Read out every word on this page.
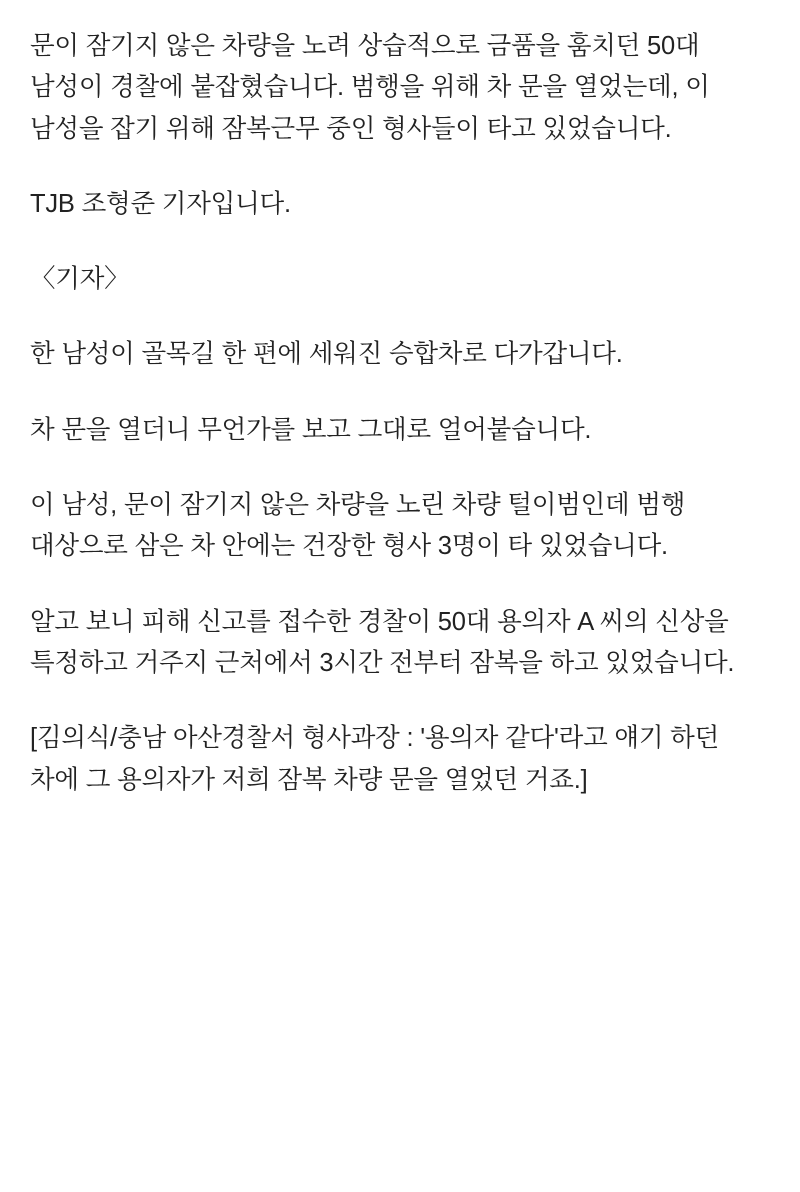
문이 잠기지 않은 차량을 노려 상습적으로 금품을 훔치던 50대 남성이 경찰에 붙잡혔습니다. 범행을 위해 차 문을 열었는데, 이 남성을 잡기 위해 잠복근무 중인 형사들이 타고 있었습니다.

TJB 조형준 기자입니다.

〈기자〉

한 남성이 골목길 한 편에 세워진 승합차로 다가갑니다.

차 문을 열더니 무언가를 보고 그대로 얼어붙습니다.

이 남성, 문이 잠기지 않은 차량을 노린 차량 털이범인데 범행 대상으로 삼은 차 안에는 건장한 형사 3명이 타 있었습니다.

알고 보니 피해 신고를 접수한 경찰이 50대 용의자 A 씨의 신상을 특정하고 거주지 근처에서 3시간 전부터 잠복을 하고 있었습니다.

[김의식/충남 아산경찰서 형사과장 : '용의자 같다'라고 얘기 하던 차에 그 용의자가 저희 잠복 차량 문을 열었던 거죠.]
